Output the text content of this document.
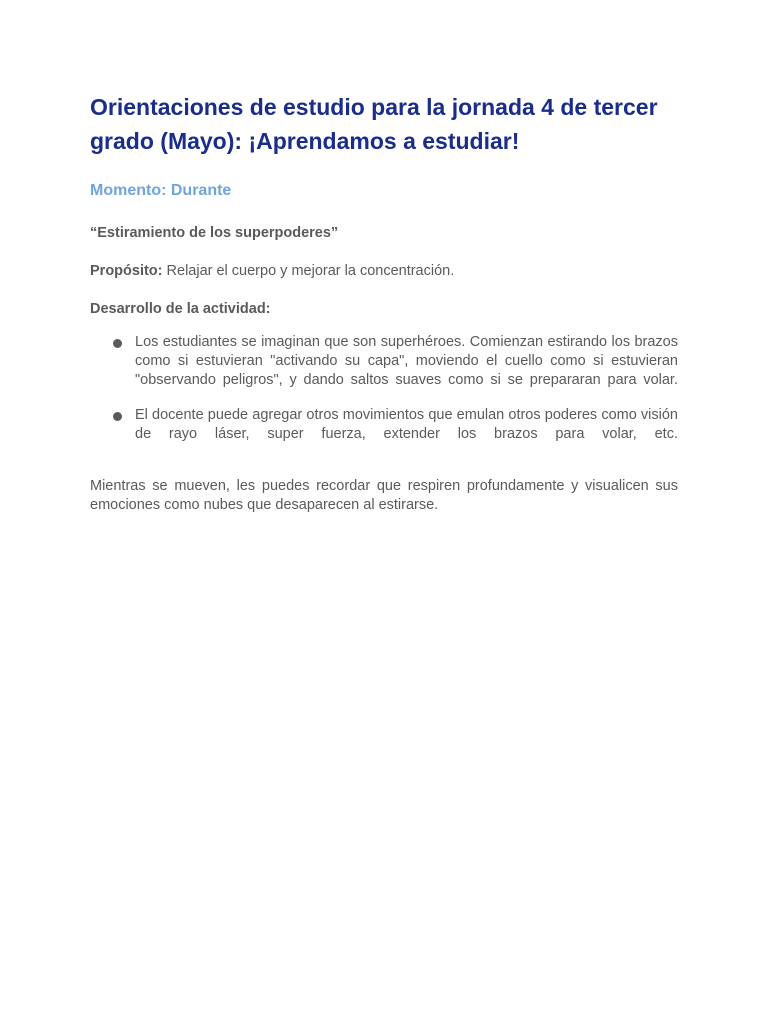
Orientaciones de estudio para la jornada 4 de tercer grado (Mayo): ¡Aprendamos a estudiar!
Momento: Durante

“Estiramiento de los superpoderes”

Propósito: Relajar el cuerpo y mejorar la concentración.

Desarrollo de la actividad:

Los estudiantes se imaginan que son superhéroes. Comienzan estirando los brazos como si estuvieran "activando su capa", moviendo el cuello como si estuvieran "observando peligros", y dando saltos suaves como si se prepararan para volar.
El docente puede agregar otros movimientos que emulan otros poderes como visión de rayo láser, super fuerza, extender los brazos para volar, etc.

Mientras se mueven, les puedes recordar que respiren profundamente y visualicen sus emociones como nubes que desaparecen al estirarse.
